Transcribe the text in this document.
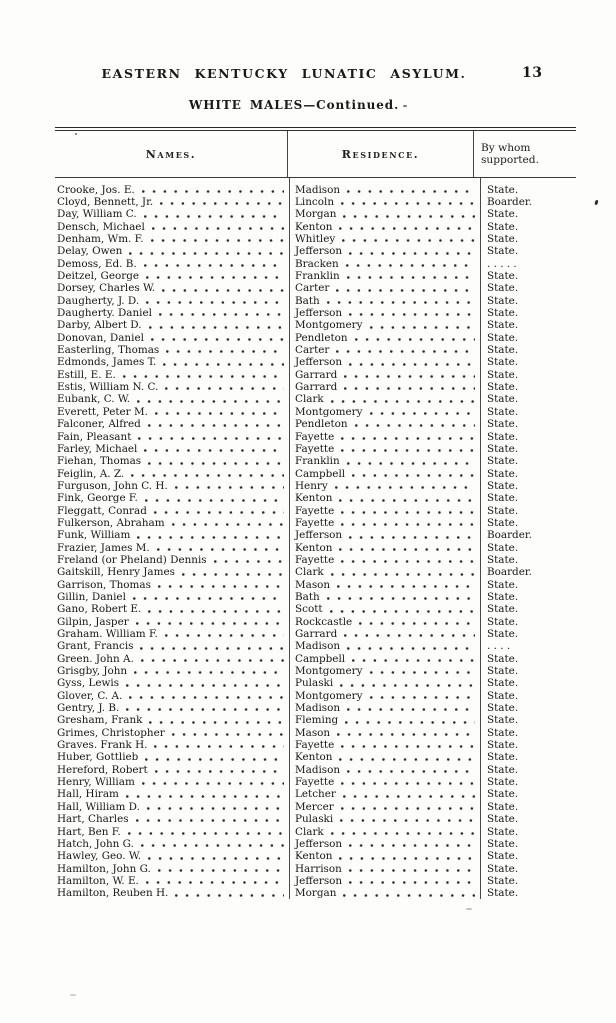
EASTERN KENTUCKY LUNATIC ASYLUM.	13
WHITE MALES—Continued.
Names.	Residence.	By whom
supported.
Crooke, Jos. E.	Madison	State.
Cloyd, Bennett, Jr.	Lincoln	Boarder.
Day, William C.	Morgan	State.
Densch, Michael	Kenton	State.
Denham, Wm. F.	Whitley	State.
Delay, Owen	Jefferson	State.
Demoss, Ed. B.	Bracken	. . . . .
Deitzel, George	Franklin	State.
Dorsey, Charles W.	Carter	State.
Daugherty, J. D.	Bath	State.
Daugherty. Daniel	Jefferson	State.
Darby, Albert D.	Montgomery	State.
Donovan, Daniel	Pendleton	State.
Easterling, Thomas	Carter	State.
Edmonds, James T.	Jefferson	State.
Estill, E. E.	Garrard	State.
Estis, William N. C.	Garrard	State.
Eubank, C. W.	Clark	State.
Everett, Peter M.	Montgomery	State.
Falconer, Alfred	Pendleton	State.
Fain, Pleasant	Fayette	State.
Farley, Michael	Fayette	State.
Fiehan, Thomas	Franklin	State.
Feiglin, A. Z.	Campbell	State.
Furguson, John C. H.	Henry	State.
Fink, George F.	Kenton	State.
Fleggatt, Conrad	Fayette	State.
Fulkerson, Abraham	Fayette	State.
Funk, William	Jefferson	Boarder.
Frazier, James M.	Kenton	State.
Freland (or Pheland) Dennis	Fayette	State.
Gaitskill, Henry James	Clark	Boarder.
Garrison, Thomas	Mason	State.
Gillin, Daniel	Bath	State.
Gano, Robert E.	Scott	State.
Gilpin, Jasper	Rockcastle	State.
Graham. William F.	Garrard	State.
Grant, Francis	Madison	. . . .
Green. John A.	Campbell	State.
Grisgby, John	Montgomery	State.
Gyss, Lewis	Pulaski	State.
Glover, C. A.	Montgomery	State.
Gentry, J. B.	Madison	State.
Gresham, Frank	Fleming	State.
Grimes, Christopher	Mason	State.
Graves. Frank H.	Fayette	State.
Huber, Gottlieb	Kenton	State.
Hereford, Robert	Madison	State.
Henry, William	Fayette	State.
Hall, Hiram	Letcher	State.
Hall, William D.	Mercer	State.
Hart, Charles	Pulaski	State.
Hart, Ben F.	Clark	State.
Hatch, John G.	Jefferson	State.
Hawley, Geo. W.	Kenton	State.
Hamilton, John G.	Harrison	State.
Hamilton, W. E.	Jefferson	State.
Hamilton, Reuben H.	Morgan	State.
